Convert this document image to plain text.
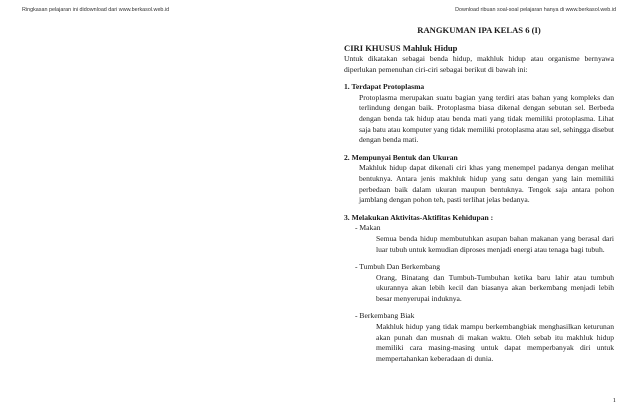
Ringkasan pelajaran ini didownload dari www.berkasol.web.id	Download ribuan soal-soal pelajaran hanya di www.berkasol.web.id
RANGKUMAN IPA KELAS 6 (I)

CIRI KHUSUS Mahluk Hidup

Untuk dikatakan sebagai benda hidup, makhluk hidup atau organisme bernyawa diperlukan pemenuhan ciri-ciri sebagai berikut di bawah ini:

1. Terdapat Protoplasma

Protoplasma merupakan suatu bagian yang terdiri atas bahan yang kompleks dan terlindung dengan baik. Protoplasma biasa dikenal dengan sebutan sel. Berbeda dengan benda tak hidup atau benda mati yang tidak memiliki protoplasma. Lihat saja batu atau komputer yang tidak memiliki protoplasma atau sel, sehingga disebut dengan benda mati.

2. Mempunyai Bentuk dan Ukuran

Makhluk hidup dapat dikenali ciri khas yang menempel padanya dengan melihat bentuknya. Antara jenis makhluk hidup yang satu dengan yang lain memiliki perbedaan baik dalam ukuran maupun bentuknya. Tengok saja antara pohon jamblang dengan pohon teh, pasti terlihat jelas bedanya.

3. Melakukan Aktivitas-Aktifitas Kehidupan :

- Makan

Semua benda hidup membutuhkan asupan bahan makanan yang berasal dari luar tubuh untuk kemudian diproses menjadi energi atau tenaga bagi tubuh.

- Tumbuh Dan Berkembang

Orang, Binatang dan Tumbuh-Tumbuhan ketika baru lahir atau tumbuh ukurannya akan lebih kecil dan biasanya akan berkembang menjadi lebih besar menyerupai induknya.

- Berkembang Biak

Makhluk hidup yang tidak mampu berkembangbiak menghasilkan keturunan akan punah dan musnah di makan waktu. Oleh sebab itu makhluk hidup memiliki cara masing-masing untuk dapat memperbanyak diri untuk mempertahankan keberadaan di dunia.

1
